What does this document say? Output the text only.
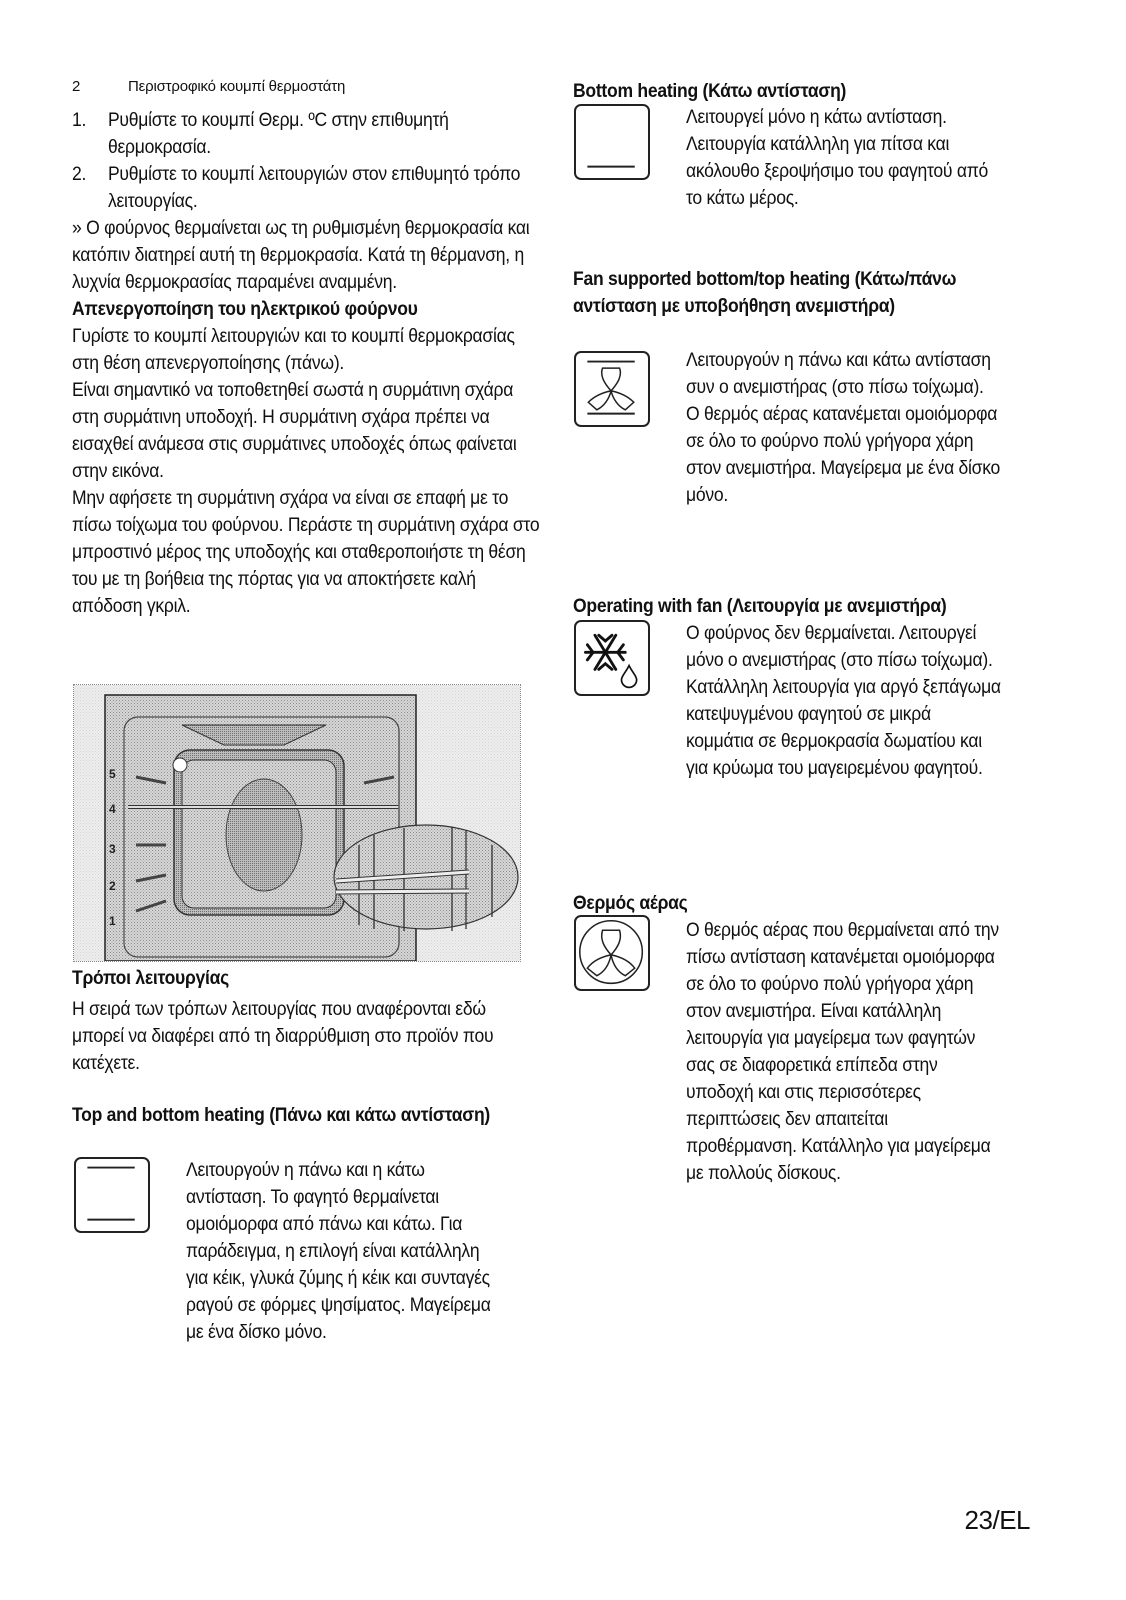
2	Περιστροφικό κουμπί θερμοστάτη
1. Ρυθμίστε το κουμπί Θερμ. ºC στην επιθυμητή θερμοκρασία.

2. Ρυθμίστε το κουμπί λειτουργιών στον επιθυμητό τρόπο λειτουργίας.

» Ο φούρνος θερμαίνεται ως τη ρυθμισμένη θερμοκρασία και κατόπιν διατηρεί αυτή τη θερμοκρασία. Κατά τη θέρμανση, η λυχνία θερμοκρασίας παραμένει αναμμένη.

Απενεργοποίηση του ηλεκτρικού φούρνου

Γυρίστε το κουμπί λειτουργιών και το κουμπί θερμοκρασίας στη θέση απενεργοποίησης (πάνω).

Είναι σημαντικό να τοποθετηθεί σωστά η συρμάτινη σχάρα στη συρμάτινη υποδοχή. Η συρμάτινη σχάρα πρέπει να εισαχθεί ανάμεσα στις συρμάτινες υποδοχές όπως φαίνεται στην εικόνα.

Μην αφήσετε τη συρμάτινη σχάρα να είναι σε επαφή με το πίσω τοίχωμα του φούρνου. Περάστε τη συρμάτινη σχάρα στο μπροστινό μέρος της υποδοχής και σταθεροποιήστε τη θέση του με τη βοήθεια της πόρτας για να αποκτήσετε καλή απόδοση γκριλ.

5
4
3
2
1
Τρόποι λειτουργίας

Η σειρά των τρόπων λειτουργίας που αναφέρονται εδώ μπορεί να διαφέρει από τη διαρρύθμιση στο προϊόν που κατέχετε.

Top and bottom heating (Πάνω και κάτω αντίσταση)
Λειτουργούν η πάνω και η κάτω αντίσταση. Το φαγητό θερμαίνεται ομοιόμορφα από πάνω και κάτω. Για παράδειγμα, η επιλογή είναι κατάλληλη για κέικ, γλυκά ζύμης ή κέικ και συνταγές ραγού σε φόρμες ψησίματος. Μαγείρεμα με ένα δίσκο μόνο.
Bottom heating (Κάτω αντίσταση)
Λειτουργεί μόνο η κάτω αντίσταση. Λειτουργία κατάλληλη για πίτσα και ακόλουθο ξεροψήσιμο του φαγητού από το κάτω μέρος.
Fan supported bottom/top heating (Κάτω/πάνω αντίσταση με υποβοήθηση ανεμιστήρα)
Λειτουργούν η πάνω και κάτω αντίσταση συν ο ανεμιστήρας (στο πίσω τοίχωμα). Ο θερμός αέρας κατανέμεται ομοιόμορφα σε όλο το φούρνο πολύ γρήγορα χάρη στον ανεμιστήρα. Μαγείρεμα με ένα δίσκο μόνο.
Operating with fan (Λειτουργία με ανεμιστήρα)
Ο φούρνος δεν θερμαίνεται. Λειτουργεί μόνο ο ανεμιστήρας (στο πίσω τοίχωμα). Κατάλληλη λειτουργία για αργό ξεπάγωμα κατεψυγμένου φαγητού σε μικρά κομμάτια σε θερμοκρασία δωματίου και για κρύωμα του μαγειρεμένου φαγητού.
Θερμός αέρας
Ο θερμός αέρας που θερμαίνεται από την πίσω αντίσταση κατανέμεται ομοιόμορφα σε όλο το φούρνο πολύ γρήγορα χάρη στον ανεμιστήρα. Είναι κατάλληλη λειτουργία για μαγείρεμα των φαγητών σας σε διαφορετικά επίπεδα στην υποδοχή και στις περισσότερες περιπτώσεις δεν απαιτείται προθέρμανση. Κατάλληλο για μαγείρεμα με πολλούς δίσκους.
23/EL
